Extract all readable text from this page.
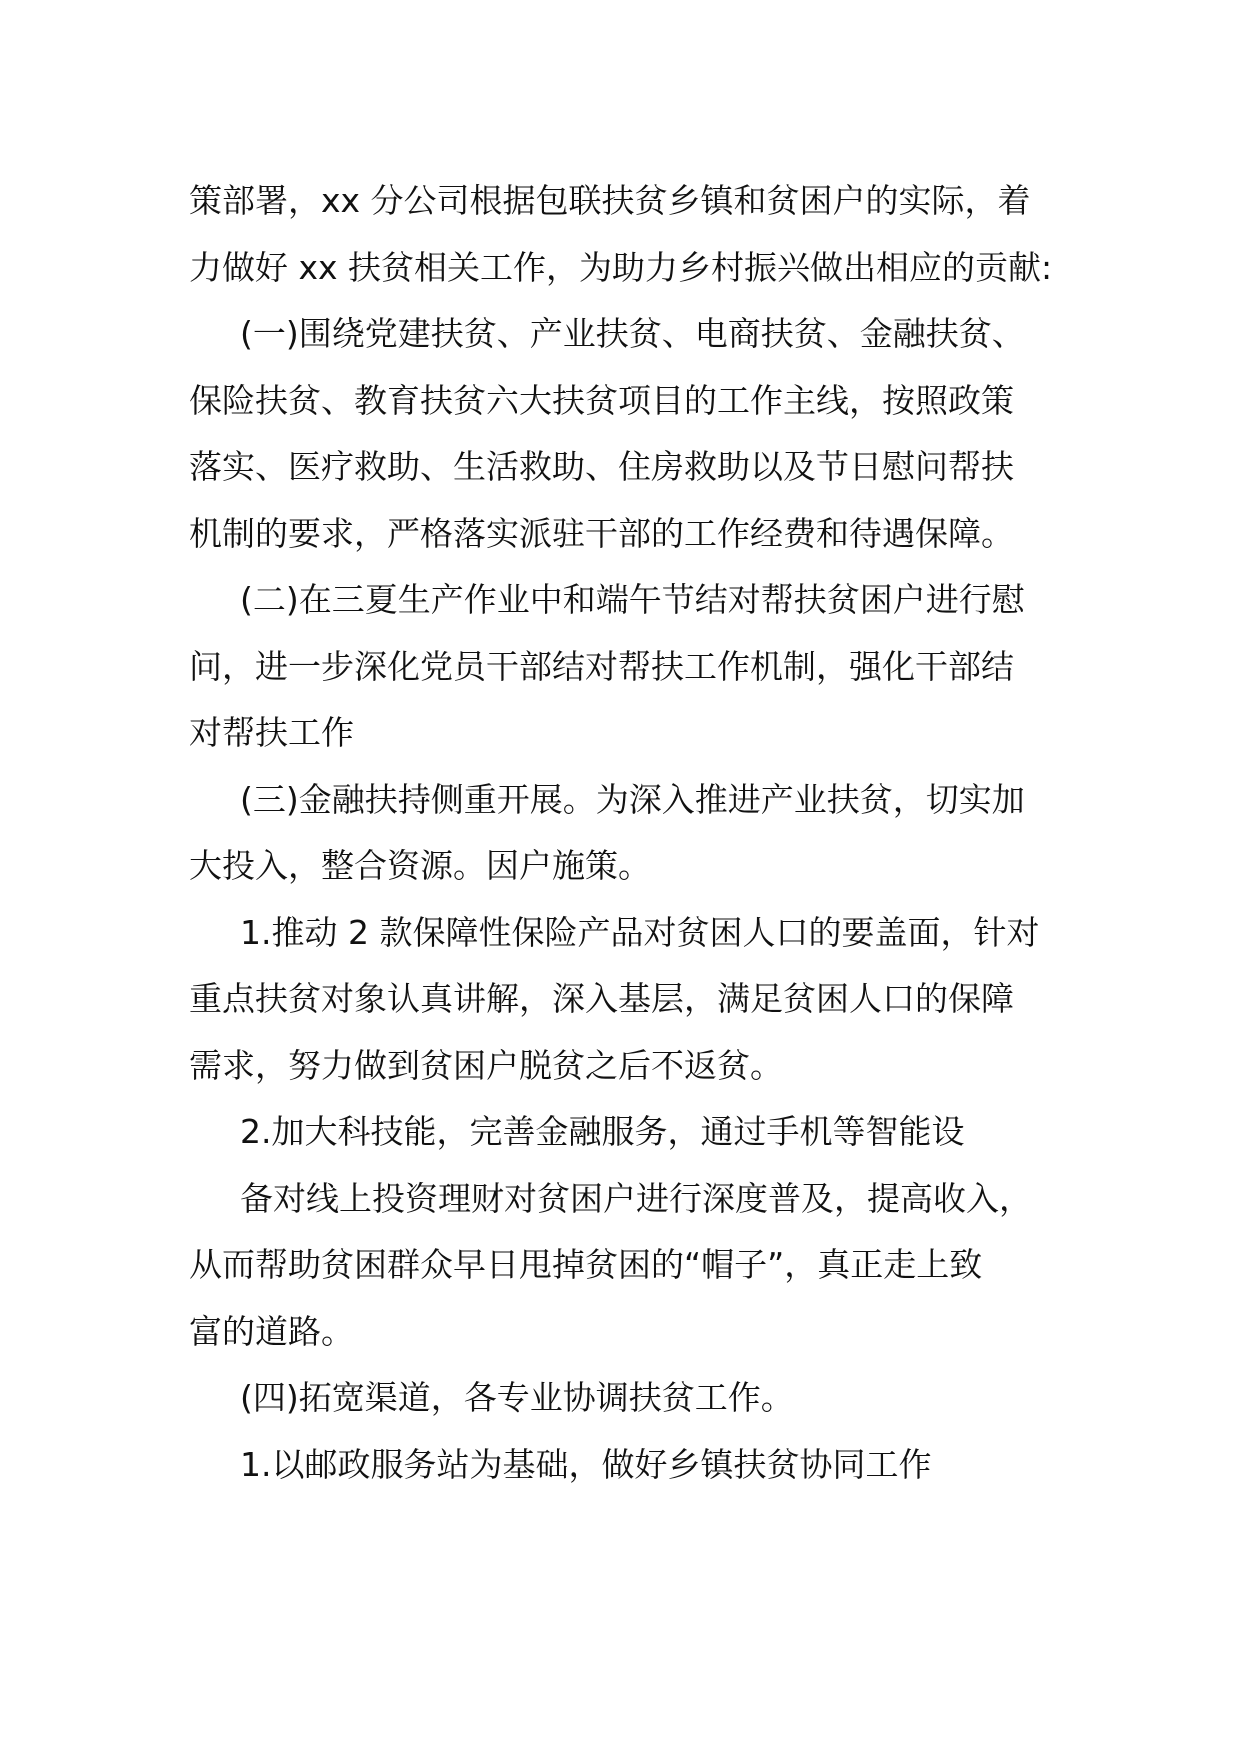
策部署，xx 分公司根据包联扶贫乡镇和贫困户的实际，着
力做好 xx 扶贫相关工作，为助力乡村振兴做出相应的贡献:
(一)围绕党建扶贫、产业扶贫、电商扶贫、金融扶贫、
保险扶贫、教育扶贫六大扶贫项目的工作主线，按照政策
落实、医疗救助、生活救助、住房救助以及节日慰问帮扶
机制的要求，严格落实派驻干部的工作经费和待遇保障。
(二)在三夏生产作业中和端午节结对帮扶贫困户进行慰
问，进一步深化党员干部结对帮扶工作机制，强化干部结
对帮扶工作
(三)金融扶持侧重开展。为深入推进产业扶贫，切实加
大投入，整合资源。因户施策。
1.推动 2 款保障性保险产品对贫困人口的要盖面，针对
重点扶贫对象认真讲解，深入基层，满足贫困人口的保障
需求，努力做到贫困户脱贫之后不返贫。
2.加大科技能，完善金融服务，通过手机等智能设
备对线上投资理财对贫困户进行深度普及，提高收入，
从而帮助贫困群众早日甩掉贫困的“帽子”，真正走上致
富的道路。
(四)拓宽渠道，各专业协调扶贫工作。
1.以邮政服务站为基础，做好乡镇扶贫协同工作
